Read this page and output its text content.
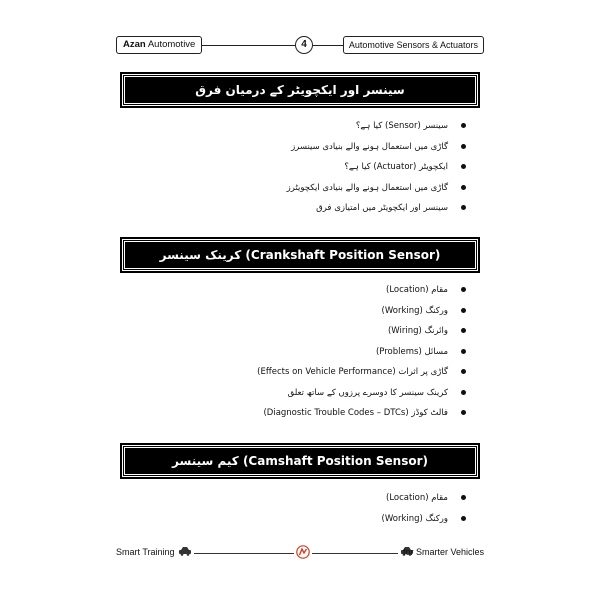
Azan Automotive	4	Automotive Sensors & Actuators
سینسر اور ایکچویٹر کے درمیان فرق
سینسر (Sensor) کیا ہے؟
گاڑی میں استعمال ہونے والے بنیادی سینسرز
ایکچویٹر (Actuator) کیا ہے؟
گاڑی میں استعمال ہونے والے بنیادی ایکچویٹرز
سینسر اور ایکچویٹر میں امتیازی فرق
کرینک سینسر (Crankshaft Position Sensor)
مقام (Location)
ورکنگ (Working)
وائرنگ (Wiring)
مسائل (Problems)
گاڑی پر اثرات (Effects on Vehicle Performance)
کرینک سینسر کا دوسرے پرزوں کے ساتھ تعلق
فالٹ کوڈز (Diagnostic Trouble Codes – DTCs)
کیم سینسر (Camshaft Position Sensor)
مقام (Location)
ورکنگ (Working)
Smart Training	for Smarter Vehicles
